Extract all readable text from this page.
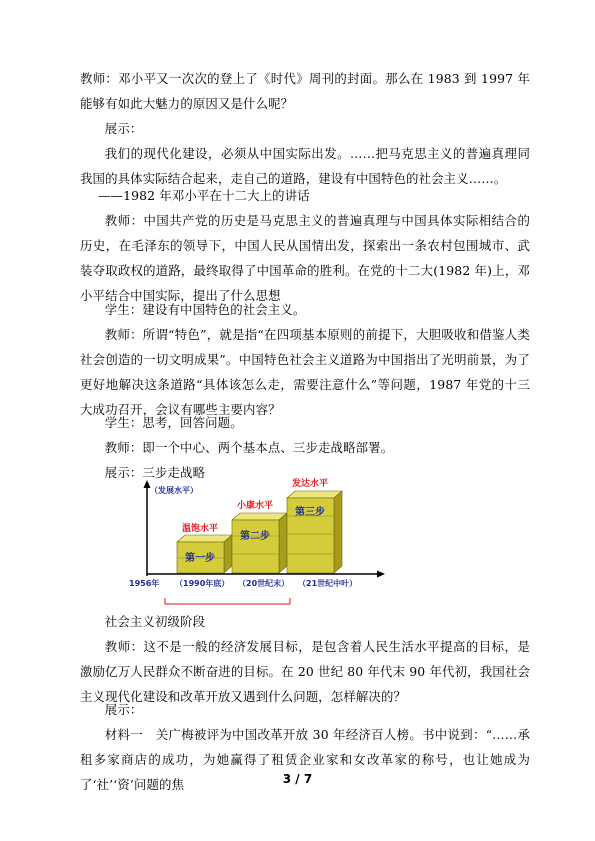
教师：邓小平又一次次的登上了《时代》周刊的封面。那么在 1983 到 1997 年能够有如此大魅力的原因又是什么呢？

展示：

我们的现代化建设，必须从中国实际出发。……把马克思主义的普遍真理同我国的具体实际结合起来，走自己的道路，建设有中国特色的社会主义……。

——1982 年邓小平在十二大上的讲话

教师：中国共产党的历史是马克思主义的普遍真理与中国具体实际相结合的历史，在毛泽东的领导下，中国人民从国情出发，探索出一条农村包围城市、武装夺取政权的道路，最终取得了中国革命的胜利。在党的十二大(1982 年)上，邓小平结合中国实际，提出了什么思想

学生：建设有中国特色的社会主义。

教师：所谓“特色”，就是指“在四项基本原则的前提下，大胆吸收和借鉴人类社会创造的一切文明成果”。中国特色社会主义道路为中国指出了光明前景，为了更好地解决这条道路“具体该怎么走，需要注意什么”等问题，1987 年党的十三大成功召开，会议有哪些主要内容？

学生：思考，回答问题。

教师：即一个中心、两个基本点、三步走战略部署。

展示：三步走战略

（发展水平）
第一步
第二步
第三步
温饱水平
小康水平
发达水平
1956年 （1990年底） （20世纪末） （21世纪中叶）

社会主义初级阶段

教师：这不是一般的经济发展目标，是包含着人民生活水平提高的目标，是激励亿万人民群众不断奋进的目标。在 20 世纪 80 年代末 90 年代初，我国社会主义现代化建设和改革开放又遇到什么问题，怎样解决的？

展示：

材料一　关广梅被评为中国改革开放 30 年经济百人榜。书中说到：“……承租多家商店的成功，为她赢得了租赁企业家和女改革家的称号，也让她成为了‘社’‘资’问题的焦	3 / 7
